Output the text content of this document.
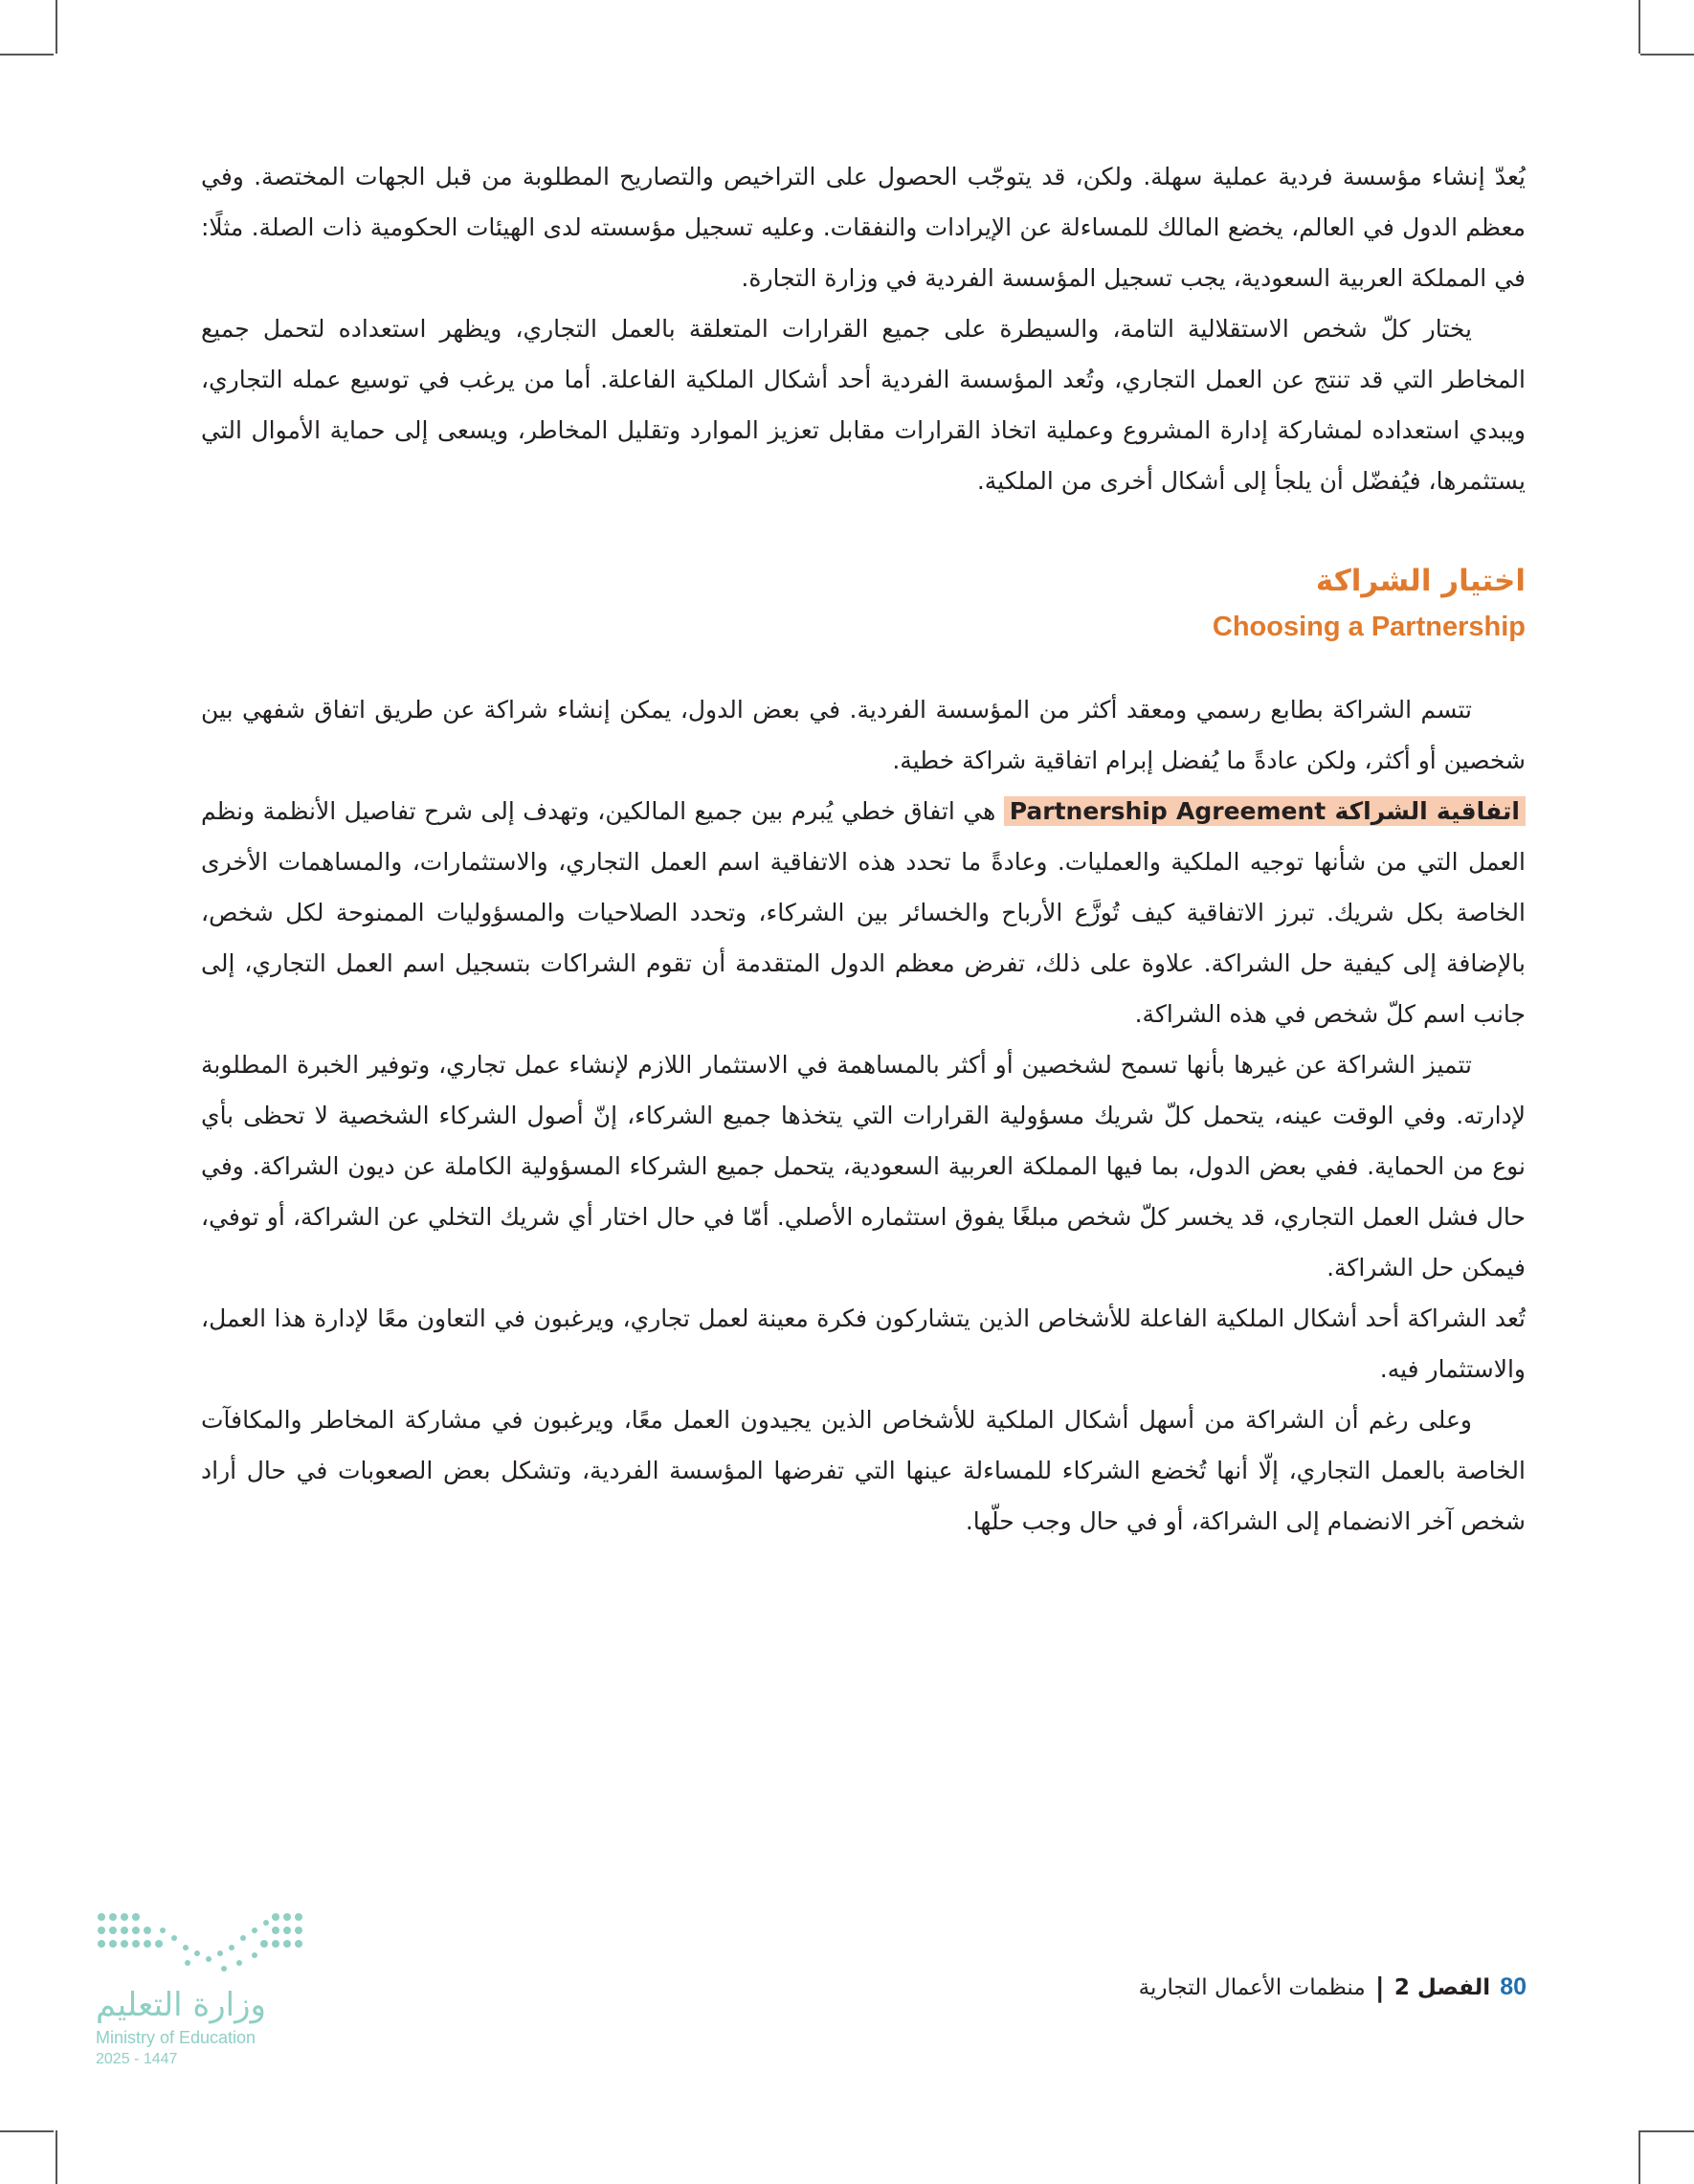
يُعدّ إنشاء مؤسسة فردية عملية سهلة. ولكن، قد يتوجّب الحصول على التراخيص والتصاريح المطلوبة من قبل الجهات المختصة. وفي معظم الدول في العالم، يخضع المالك للمساءلة عن الإيرادات والنفقات. وعليه تسجيل مؤسسته لدى الهيئات الحكومية ذات الصلة. مثلًا: في المملكة العربية السعودية، يجب تسجيل المؤسسة الفردية في وزارة التجارة.

يختار كلّ شخص الاستقلالية التامة، والسيطرة على جميع القرارات المتعلقة بالعمل التجاري، ويظهر استعداده لتحمل جميع المخاطر التي قد تنتج عن العمل التجاري، وتُعد المؤسسة الفردية أحد أشكال الملكية الفاعلة. أما من يرغب في توسيع عمله التجاري، ويبدي استعداده لمشاركة إدارة المشروع وعملية اتخاذ القرارات مقابل تعزيز الموارد وتقليل المخاطر، ويسعى إلى حماية الأموال التي يستثمرها، فيُفضّل أن يلجأ إلى أشكال أخرى من الملكية.

اختيار الشراكة
Choosing a Partnership

تتسم الشراكة بطابع رسمي ومعقد أكثر من المؤسسة الفردية. في بعض الدول، يمكن إنشاء شراكة عن طريق اتفاق شفهي بين شخصين أو أكثر، ولكن عادةً ما يُفضل إبرام اتفاقية شراكة خطية.

اتفاقية الشراكة Partnership Agreement هي اتفاق خطي يُبرم بين جميع المالكين، وتهدف إلى شرح تفاصيل الأنظمة ونظم العمل التي من شأنها توجيه الملكية والعمليات. وعادةً ما تحدد هذه الاتفاقية اسم العمل التجاري، والاستثمارات، والمساهمات الأخرى الخاصة بكل شريك. تبرز الاتفاقية كيف تُوزَّع الأرباح والخسائر بين الشركاء، وتحدد الصلاحيات والمسؤوليات الممنوحة لكل شخص، بالإضافة إلى كيفية حل الشراكة. علاوة على ذلك، تفرض معظم الدول المتقدمة أن تقوم الشراكات بتسجيل اسم العمل التجاري، إلى جانب اسم كلّ شخص في هذه الشراكة.

تتميز الشراكة عن غيرها بأنها تسمح لشخصين أو أكثر بالمساهمة في الاستثمار اللازم لإنشاء عمل تجاري، وتوفير الخبرة المطلوبة لإدارته. وفي الوقت عينه، يتحمل كلّ شريك مسؤولية القرارات التي يتخذها جميع الشركاء، إنّ أصول الشركاء الشخصية لا تحظى بأي نوع من الحماية. ففي بعض الدول، بما فيها المملكة العربية السعودية، يتحمل جميع الشركاء المسؤولية الكاملة عن ديون الشراكة. وفي حال فشل العمل التجاري، قد يخسر كلّ شخص مبلغًا يفوق استثماره الأصلي. أمّا في حال اختار أي شريك التخلي عن الشراكة، أو توفي، فيمكن حل الشراكة.

تُعد الشراكة أحد أشكال الملكية الفاعلة للأشخاص الذين يتشاركون فكرة معينة لعمل تجاري، ويرغبون في التعاون معًا لإدارة هذا العمل، والاستثمار فيه.

وعلى رغم أن الشراكة من أسهل أشكال الملكية للأشخاص الذين يجيدون العمل معًا، ويرغبون في مشاركة المخاطر والمكافآت الخاصة بالعمل التجاري، إلّا أنها تُخضع الشركاء للمساءلة عينها التي تفرضها المؤسسة الفردية، وتشكل بعض الصعوبات في حال أراد شخص آخر الانضمام إلى الشراكة، أو في حال وجب حلّها.

80
الفصل 2
|
منظمات الأعمال التجارية
وزارة التعليم
Ministry of Education
2025 - 1447
